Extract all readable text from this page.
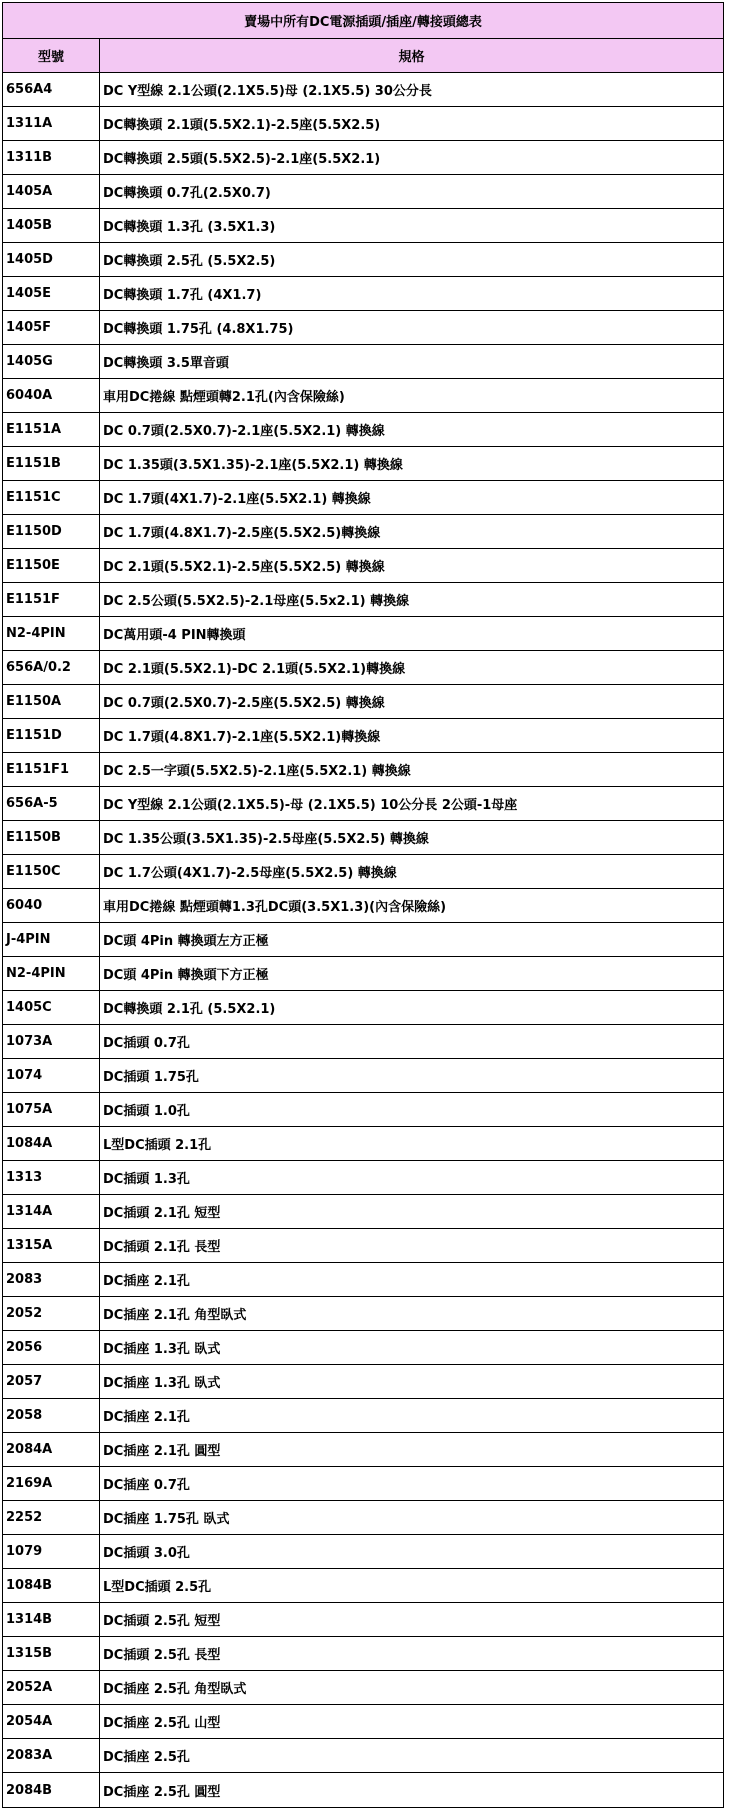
賣場中所有DC電源插頭/插座/轉接頭總表
型號	規格
656A4	DC Y型線 2.1公頭(2.1X5.5)母 (2.1X5.5) 30公分長
1311A	DC轉換頭 2.1頭(5.5X2.1)-2.5座(5.5X2.5)
1311B	DC轉換頭 2.5頭(5.5X2.5)-2.1座(5.5X2.1)
1405A	DC轉換頭 0.7孔(2.5X0.7)
1405B	DC轉換頭 1.3孔 (3.5X1.3)
1405D	DC轉換頭 2.5孔 (5.5X2.5)
1405E	DC轉換頭 1.7孔 (4X1.7)
1405F	DC轉換頭 1.75孔 (4.8X1.75)
1405G	DC轉換頭 3.5單音頭
6040A	車用DC捲線 點煙頭轉2.1孔(內含保險絲)
E1151A	DC 0.7頭(2.5X0.7)-2.1座(5.5X2.1) 轉換線
E1151B	DC 1.35頭(3.5X1.35)-2.1座(5.5X2.1) 轉換線
E1151C	DC 1.7頭(4X1.7)-2.1座(5.5X2.1) 轉換線
E1150D	DC 1.7頭(4.8X1.7)-2.5座(5.5X2.5)轉換線
E1150E	DC 2.1頭(5.5X2.1)-2.5座(5.5X2.5) 轉換線
E1151F	DC 2.5公頭(5.5X2.5)-2.1母座(5.5x2.1) 轉換線
N2-4PIN	DC萬用頭-4 PIN轉換頭
656A/0.2	DC 2.1頭(5.5X2.1)-DC 2.1頭(5.5X2.1)轉換線
E1150A	DC 0.7頭(2.5X0.7)-2.5座(5.5X2.5) 轉換線
E1151D	DC 1.7頭(4.8X1.7)-2.1座(5.5X2.1)轉換線
E1151F1	DC 2.5一字頭(5.5X2.5)-2.1座(5.5X2.1) 轉換線
656A-5	DC Y型線 2.1公頭(2.1X5.5)-母 (2.1X5.5) 10公分長 2公頭-1母座
E1150B	DC 1.35公頭(3.5X1.35)-2.5母座(5.5X2.5) 轉換線
E1150C	DC 1.7公頭(4X1.7)-2.5母座(5.5X2.5) 轉換線
6040	車用DC捲線 點煙頭轉1.3孔DC頭(3.5X1.3)(內含保險絲)
J-4PIN	DC頭 4Pin 轉換頭左方正極
N2-4PIN	DC頭 4Pin 轉換頭下方正極
1405C	DC轉換頭 2.1孔 (5.5X2.1)
1073A	DC插頭 0.7孔
1074	DC插頭 1.75孔
1075A	DC插頭 1.0孔
1084A	L型DC插頭 2.1孔
1313	DC插頭 1.3孔
1314A	DC插頭 2.1孔 短型
1315A	DC插頭 2.1孔 長型
2083	DC插座 2.1孔
2052	DC插座 2.1孔 角型臥式
2056	DC插座 1.3孔 臥式
2057	DC插座 1.3孔 臥式
2058	DC插座 2.1孔
2084A	DC插座 2.1孔 圓型
2169A	DC插座 0.7孔
2252	DC插座 1.75孔 臥式
1079	DC插頭 3.0孔
1084B	L型DC插頭 2.5孔
1314B	DC插頭 2.5孔 短型
1315B	DC插頭 2.5孔 長型
2052A	DC插座 2.5孔 角型臥式
2054A	DC插座 2.5孔 山型
2083A	DC插座 2.5孔
2084B	DC插座 2.5孔 圓型
